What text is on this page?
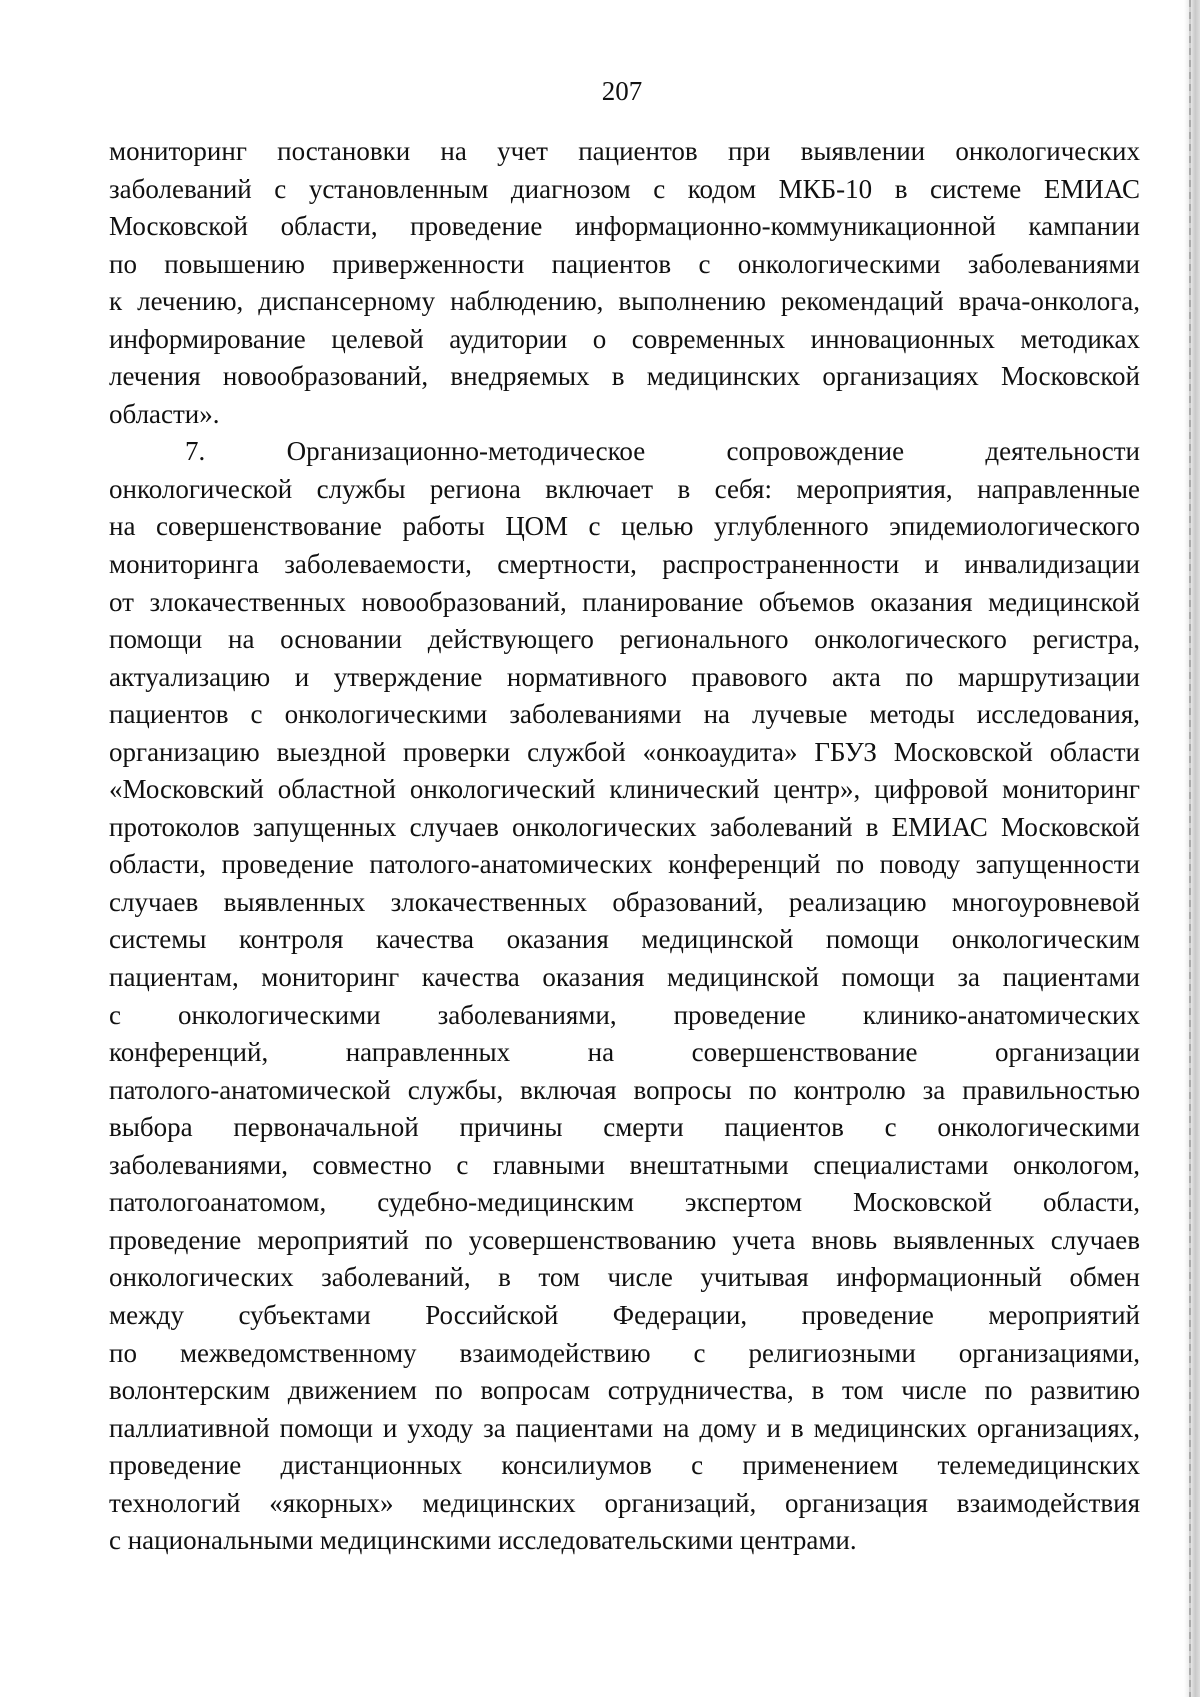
207
мониторинг постановки на учет пациентов при выявлении онкологических
заболеваний с установленным диагнозом с кодом МКБ-10 в системе ЕМИАС
Московской области, проведение информационно-коммуникационной кампании
по повышению приверженности пациентов с онкологическими заболеваниями
к лечению, диспансерному наблюдению, выполнению рекомендаций врача-онколога,
информирование целевой аудитории о современных инновационных методиках
лечения новообразований, внедряемых в медицинских организациях Московской
области».
7. Организационно-методическое сопровождение деятельности
онкологической службы региона включает в себя: мероприятия, направленные
на совершенствование работы ЦОМ с целью углубленного эпидемиологического
мониторинга заболеваемости, смертности, распространенности и инвалидизации
от злокачественных новообразований, планирование объемов оказания медицинской
помощи на основании действующего регионального онкологического регистра,
актуализацию и утверждение нормативного правового акта по маршрутизации
пациентов с онкологическими заболеваниями на лучевые методы исследования,
организацию выездной проверки службой «онкоаудита» ГБУЗ Московской области
«Московский областной онкологический клинический центр», цифровой мониторинг
протоколов запущенных случаев онкологических заболеваний в ЕМИАС Московской
области, проведение патолого-анатомических конференций по поводу запущенности
случаев выявленных злокачественных образований, реализацию многоуровневой
системы контроля качества оказания медицинской помощи онкологическим
пациентам, мониторинг качества оказания медицинской помощи за пациентами
с онкологическими заболеваниями, проведение клинико-анатомических
конференций, направленных на совершенствование организации
патолого-анатомической службы, включая вопросы по контролю за правильностью
выбора первоначальной причины смерти пациентов с онкологическими
заболеваниями, совместно с главными внештатными специалистами онкологом,
патологоанатомом, судебно-медицинским экспертом Московской области,
проведение мероприятий по усовершенствованию учета вновь выявленных случаев
онкологических заболеваний, в том числе учитывая информационный обмен
между субъектами Российской Федерации, проведение мероприятий
по межведомственному взаимодействию с религиозными организациями,
волонтерским движением по вопросам сотрудничества, в том числе по развитию
паллиативной помощи и уходу за пациентами на дому и в медицинских организациях,
проведение дистанционных консилиумов с применением телемедицинских
технологий «якорных» медицинских организаций, организация взаимодействия
с национальными медицинскими исследовательскими центрами.
